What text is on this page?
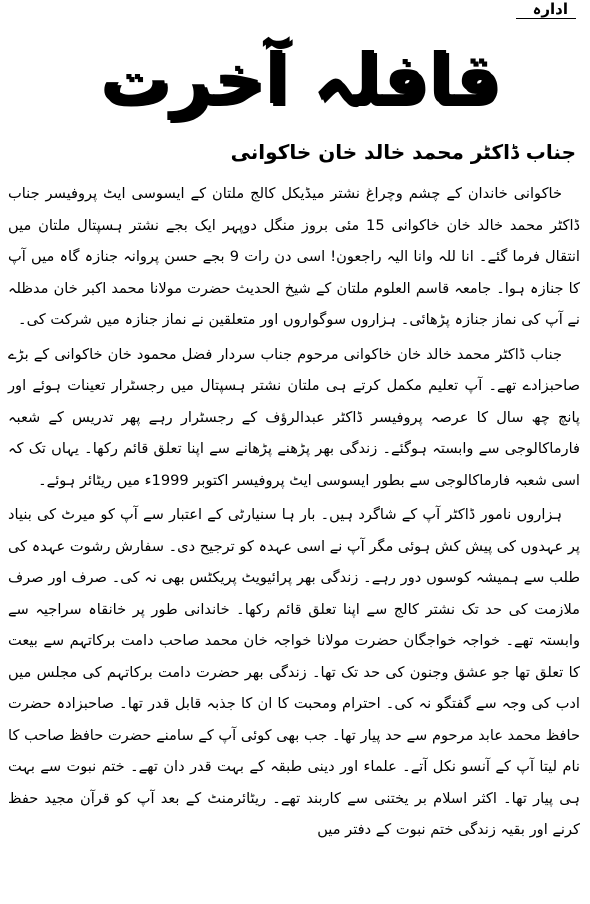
ادارہ
قافلہ آخرت
جناب ڈاکٹر محمد خالد خان خاکوانی

خاکوانی خاندان کے چشم وچراغ نشتر میڈیکل کالج ملتان کے ایسوسی ایٹ پروفیسر جناب ڈاکٹر محمد خالد خان خاکوانی 15 مئی بروز منگل دوپہر ایک بجے نشتر ہسپتال ملتان میں انتقال فرما گئے۔ انا للہ وانا الیہ راجعون! اسی دن رات 9 بجے حسن پروانہ جنازہ گاہ میں آپ کا جنازہ ہوا۔ جامعہ قاسم العلوم ملتان کے شیخ الحدیث حضرت مولانا محمد اکبر خان مدظلہ نے آپ کی نماز جنازہ پڑھائی۔ ہزاروں سوگواروں اور متعلقین نے نماز جنازہ میں شرکت کی۔

جناب ڈاکٹر محمد خالد خان خاکوانی مرحوم جناب سردار فضل محمود خان خاکوانی کے بڑے صاحبزادے تھے۔ آپ تعلیم مکمل کرتے ہی ملتان نشتر ہسپتال میں رجسٹرار تعینات ہوئے اور پانچ چھ سال کا عرصہ پروفیسر ڈاکٹر عبدالرؤف کے رجسٹرار رہے پھر تدریس کے شعبہ فارماکالوجی سے وابستہ ہوگئے۔ زندگی بھر پڑھنے پڑھانے سے اپنا تعلق قائم رکھا۔ یہاں تک کہ اسی شعبہ فارماکالوجی سے بطور ایسوسی ایٹ پروفیسر اکتوبر 1999ء میں ریٹائر ہوئے۔

ہزاروں نامور ڈاکٹر آپ کے شاگرد ہیں۔ بار ہا سنیارٹی کے اعتبار سے آپ کو میرٹ کی بنیاد پر عہدوں کی پیش کش ہوئی مگر آپ نے اسی عہدہ کو ترجیح دی۔ سفارش رشوت عہدہ کی طلب سے ہمیشہ کوسوں دور رہے۔ زندگی بھر پرائیویٹ پریکٹس بھی نہ کی۔ صرف اور صرف ملازمت کی حد تک نشتر کالج سے اپنا تعلق قائم رکھا۔ خاندانی طور پر خانقاہ سراجیہ سے وابستہ تھے۔ خواجہ خواجگان حضرت مولانا خواجہ خان محمد صاحب دامت برکاتہم سے بیعت کا تعلق تھا جو عشق وجنون کی حد تک تھا۔ زندگی بھر حضرت دامت برکاتہم کی مجلس میں ادب کی وجہ سے گفتگو نہ کی۔ احترام ومحبت کا ان کا جذبہ قابل قدر تھا۔ صاحبزادہ حضرت حافظ محمد عابد مرحوم سے حد پیار تھا۔ جب بھی کوئی آپ کے سامنے حضرت حافظ صاحب کا نام لیتا آپ کے آنسو نکل آتے۔ علماء اور دینی طبقہ کے بہت قدر دان تھے۔ ختم نبوت سے بہت ہی پیار تھا۔ اکثر اسلام بر یختنی سے کاربند تھے۔ ریٹائرمنٹ کے بعد آپ کو قرآن مجید حفظ کرنے اور بقیہ زندگی ختم نبوت کے دفتر میں
